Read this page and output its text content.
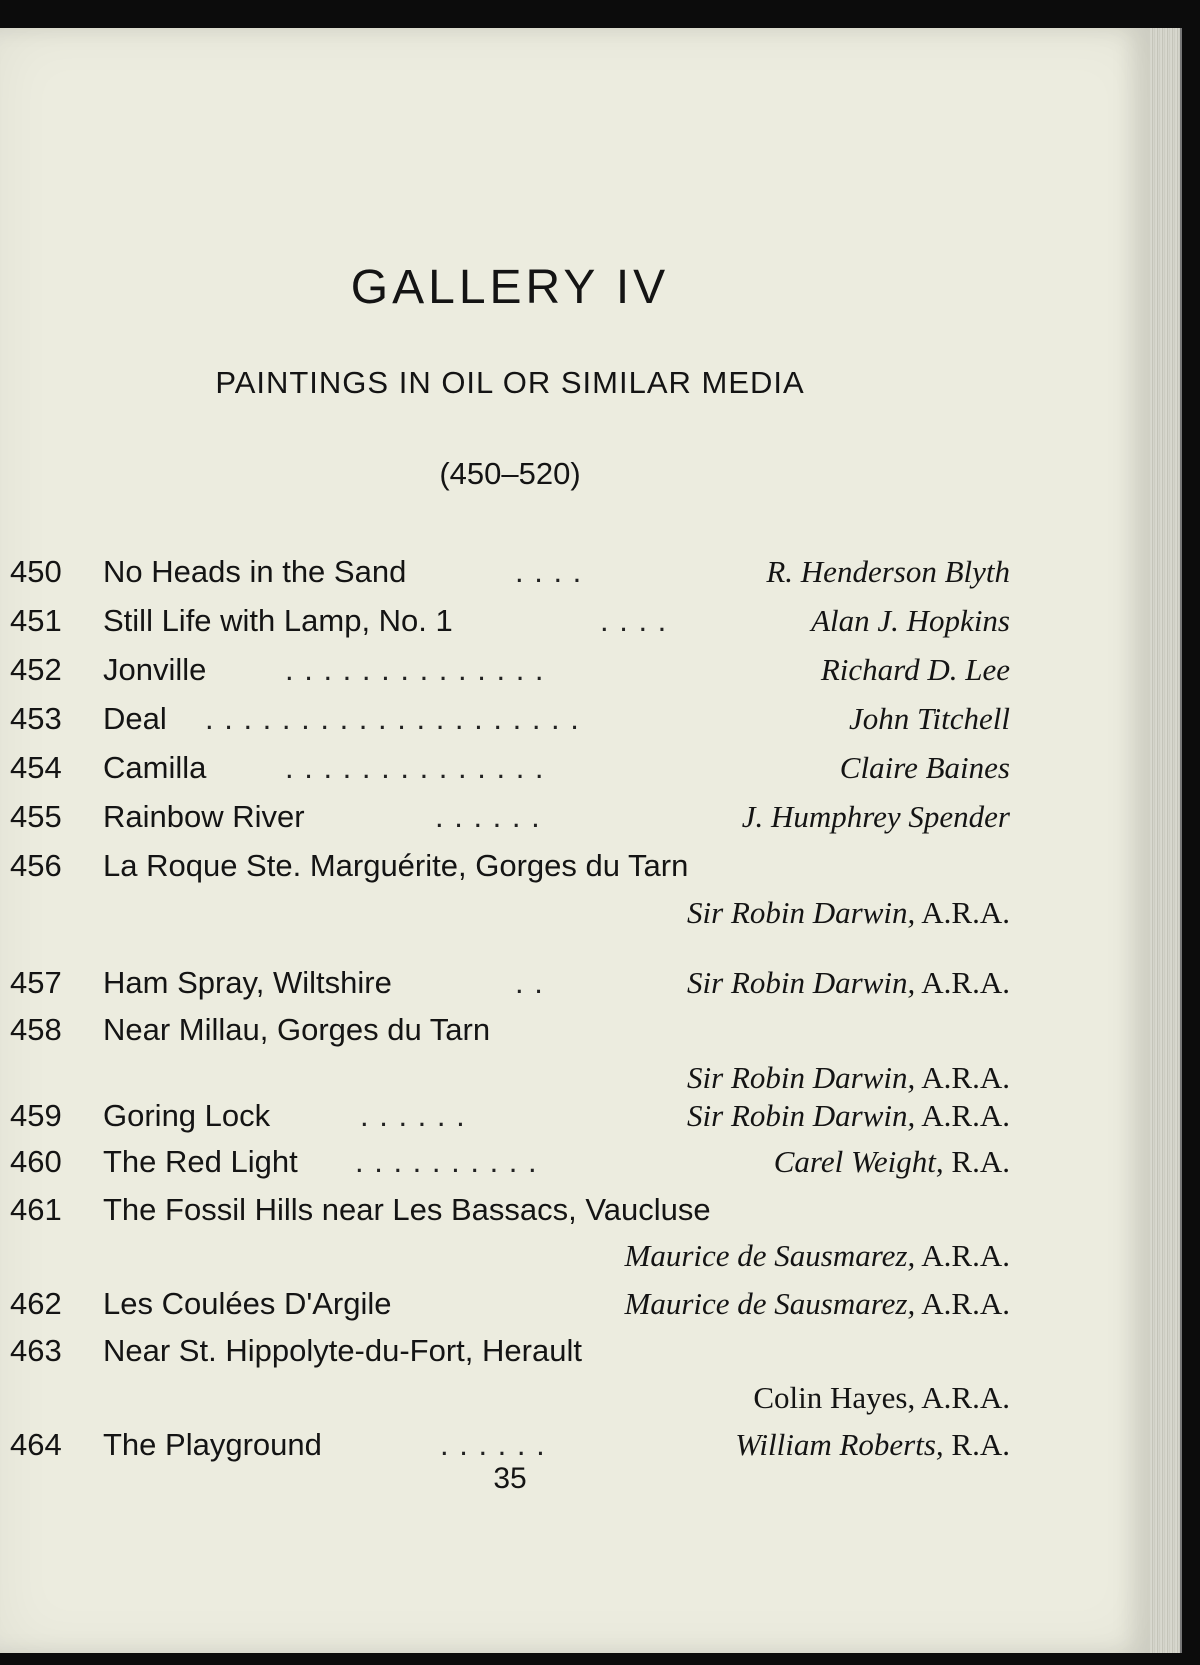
GALLERY IV
PAINTINGS IN OIL OR SIMILAR MEDIA
(450–520)
450 No Heads in the Sand	. . . .	R. Henderson Blyth
451 Still Life with Lamp, No. 1	. . . .	Alan J. Hopkins
452 Jonville	. . . . . . . . . . . . . .	Richard D. Lee
453 Deal . . . . . . . . . . . . . . . . . . . .	John Titchell
454 Camilla	. . . . . . . . . . . . . .	Claire Baines
455 Rainbow River	. . . . . .	J. Humphrey Spender
456 La Roque Ste. Marguérite, Gorges du Tarn
Sir Robin Darwin, A.R.A.
457 Ham Spray, Wiltshire	. .	Sir Robin Darwin, A.R.A.
458 Near Millau, Gorges du Tarn
Sir Robin Darwin, A.R.A.
459 Goring Lock	. . . . . .	Sir Robin Darwin, A.R.A.
460 The Red Light . . . . . . . . . .	Carel Weight, R.A.
461 The Fossil Hills near Les Bassacs, Vaucluse
Maurice de Sausmarez, A.R.A.
462 Les Coulées D'Argile	Maurice de Sausmarez, A.R.A.
463 Near St. Hippolyte-du-Fort, Herault
Colin Hayes, A.R.A.
464 The Playground	. . . . . .	William Roberts, R.A.
35
